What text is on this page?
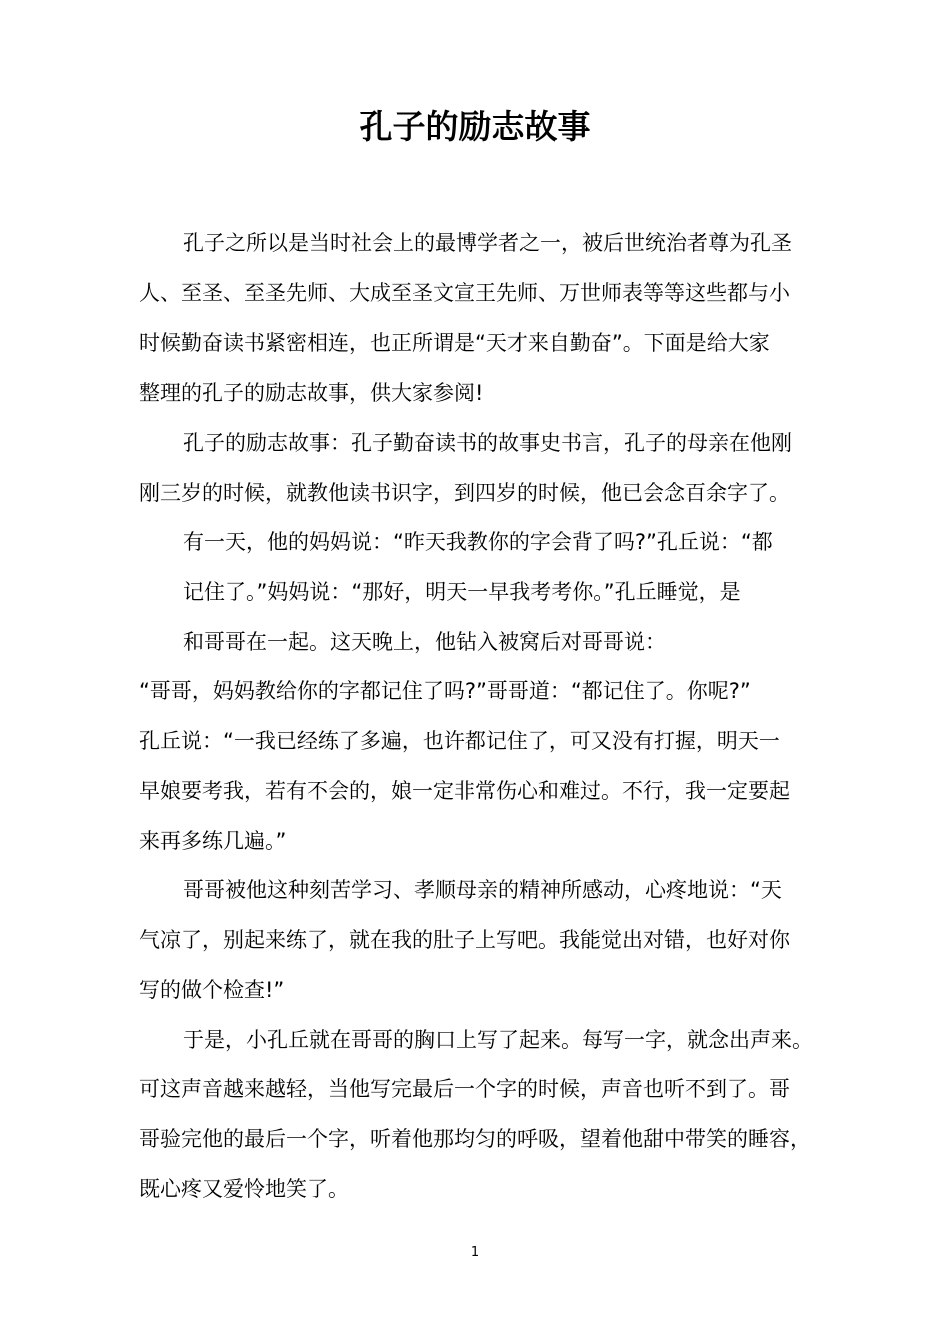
孔子的励志故事

孔子之所以是当时社会上的最博学者之一，被后世统治者尊为孔圣

人、至圣、至圣先师、大成至圣文宣王先师、万世师表等等这些都与小

时候勤奋读书紧密相连，也正所谓是“天才来自勤奋”。下面是给大家

整理的孔子的励志故事，供大家参阅!

孔子的励志故事：孔子勤奋读书的故事史书言，孔子的母亲在他刚

刚三岁的时候，就教他读书识字，到四岁的时候，他已会念百余字了。

有一天，他的妈妈说：“昨天我教你的字会背了吗?”孔丘说：“都

记住了。”妈妈说：“那好，明天一早我考考你。”孔丘睡觉，是

和哥哥在一起。这天晚上，他钻入被窝后对哥哥说：

“哥哥，妈妈教给你的字都记住了吗?”哥哥道：“都记住了。你呢?”

孔丘说：“一我已经练了多遍，也许都记住了，可又没有打握，明天一

早娘要考我，若有不会的，娘一定非常伤心和难过。不行，我一定要起

来再多练几遍。”

哥哥被他这种刻苦学习、孝顺母亲的精神所感动，心疼地说：“天

气凉了，别起来练了，就在我的肚子上写吧。我能觉出对错，也好对你

写的做个检查!”

于是，小孔丘就在哥哥的胸口上写了起来。每写一字，就念出声来。

可这声音越来越轻，当他写完最后一个字的时候，声音也听不到了。哥

哥验完他的最后一个字，听着他那均匀的呼吸，望着他甜中带笑的睡容，

既心疼又爱怜地笑了。

1
